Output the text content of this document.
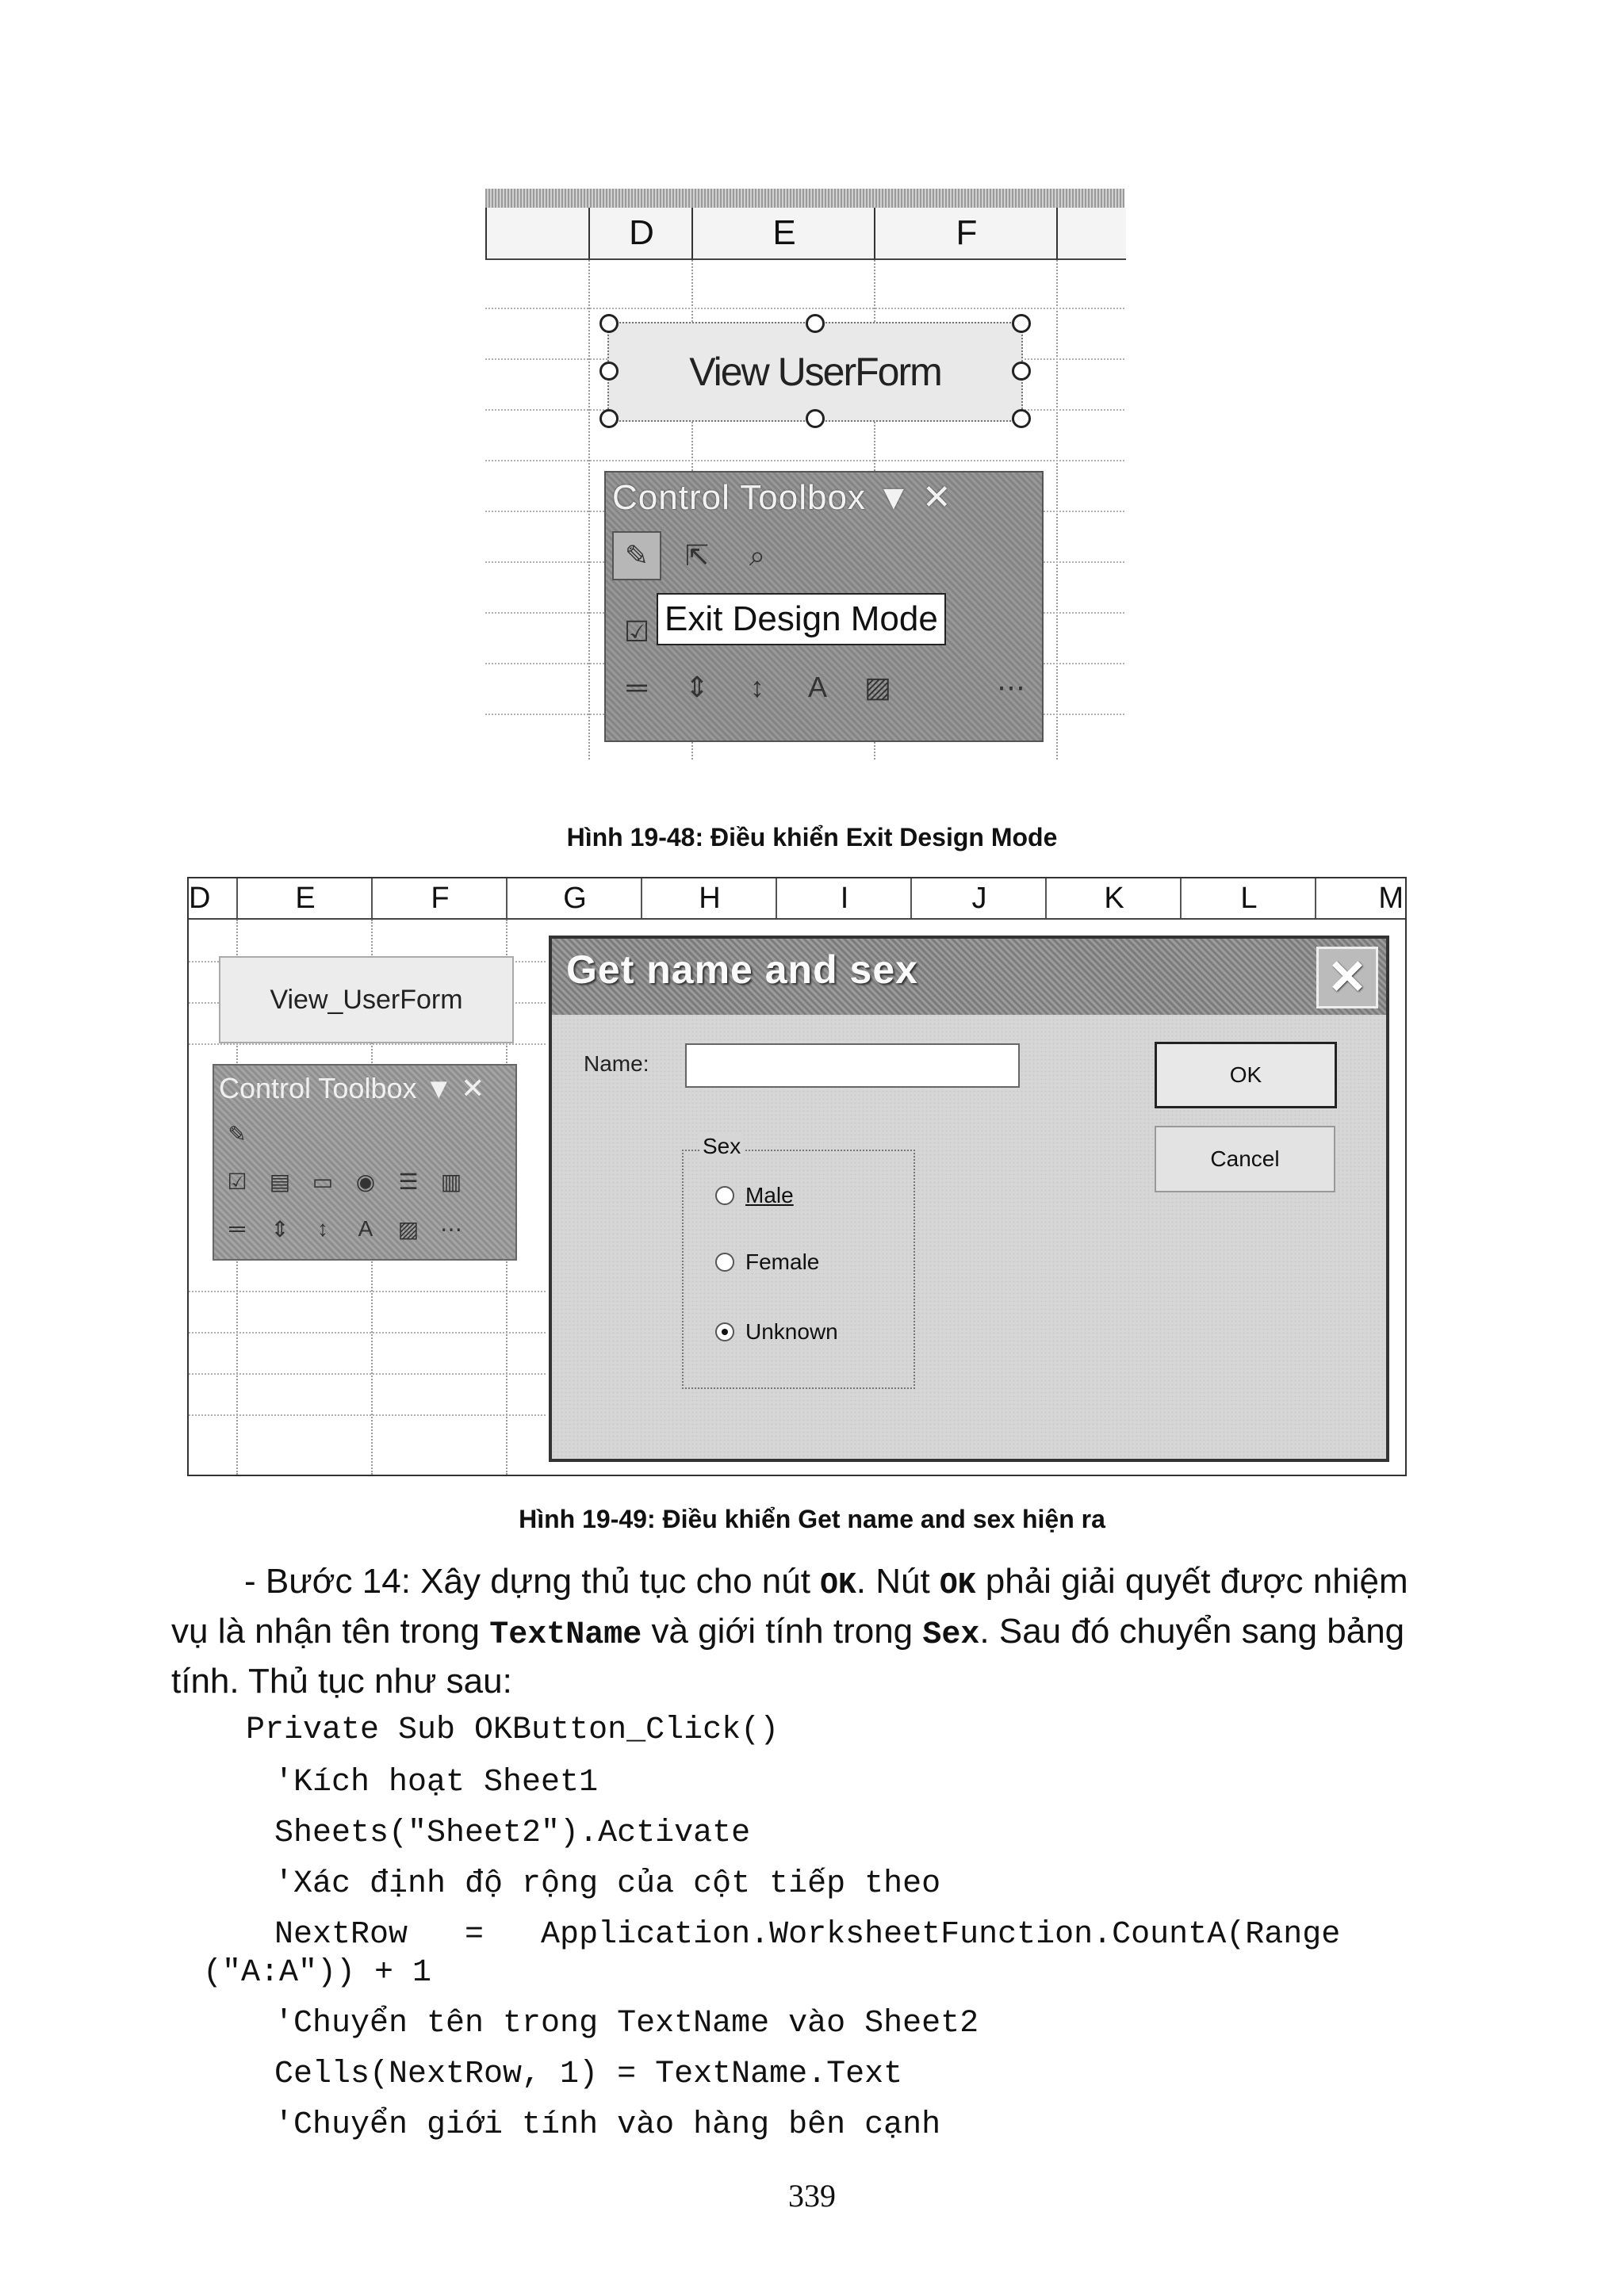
D	E	F
View UserForm
Control Toolbox ▼ ✕
✎	⇱	⌕
☑
═	⇕	↕	A	▨	⋯
Exit Design Mode
Hình 19-48: Điều khiển Exit Design Mode
D	E	F	G	H	I	J	K	L	M
View_UserForm
Control Toolbox ▼ ✕
✎
☑	▤ ▭	◉	☰	▥
═	⇕	↕	A	▨ ⋯
Get name and sex	✕
Name:	OK
Cancel
Sex
Male
Female
Unknown
Hình 19-49: Điều khiển Get name and sex hiện ra
- Bước 14: Xây dựng thủ tục cho nút OK. Nút OK phải giải quyết được nhiệm vụ là nhận tên trong TextName và giới tính trong Sex. Sau đó chuyển sang bảng tính. Thủ tục như sau:
Private Sub OKButton_Click()
'Kích hoạt Sheet1
Sheets("Sheet2").Activate
'Xác định độ rộng của cột tiếp theo
NextRow   =   Application.WorksheetFunction.CountA(Range
("A:A")) + 1
'Chuyển tên trong TextName vào Sheet2
Cells(NextRow, 1) = TextName.Text
'Chuyển giới tính vào hàng bên cạnh
339
